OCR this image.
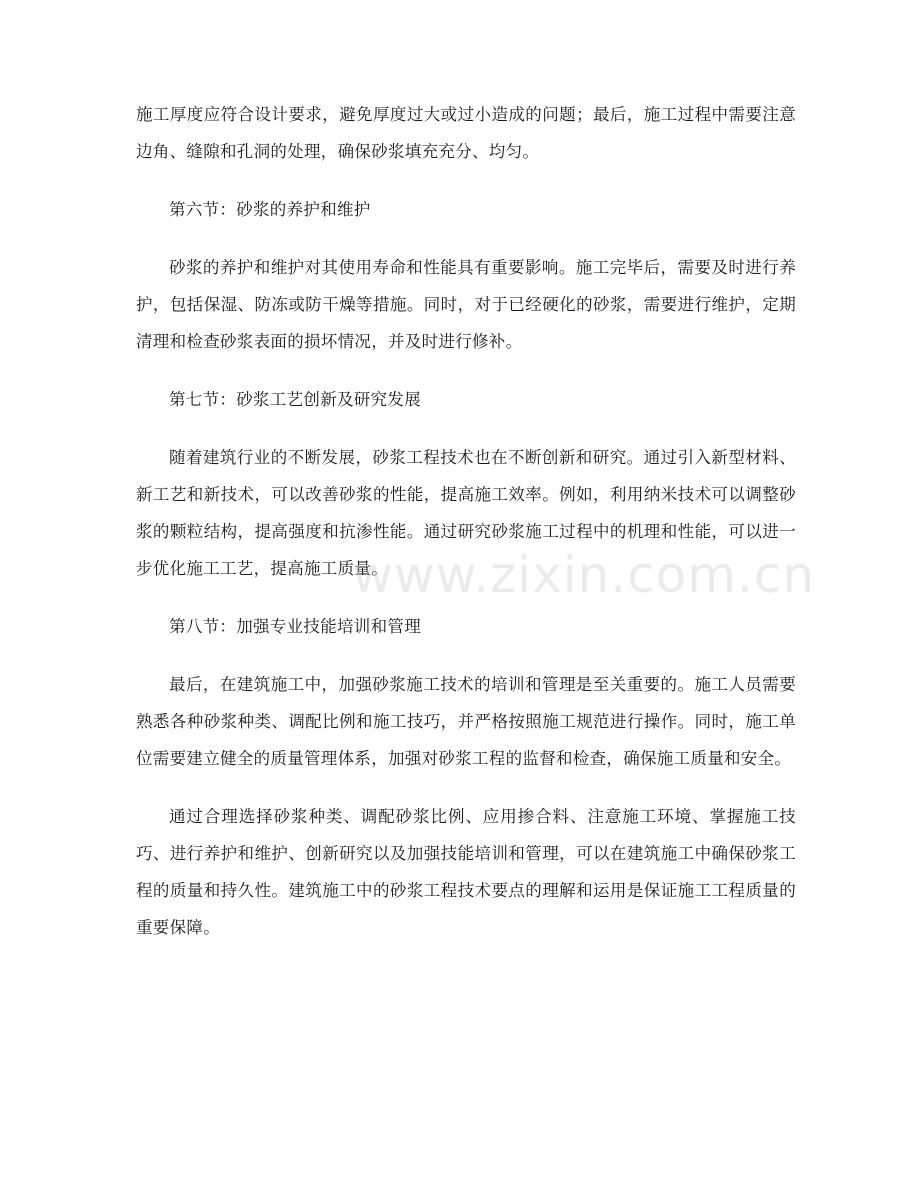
施工厚度应符合设计要求，避免厚度过大或过小造成的问题；最后，施工过程中需要注意边角、缝隙和孔洞的处理，确保砂浆填充充分、均匀。

第六节：砂浆的养护和维护

砂浆的养护和维护对其使用寿命和性能具有重要影响。施工完毕后，需要及时进行养护，包括保湿、防冻或防干燥等措施。同时，对于已经硬化的砂浆，需要进行维护，定期清理和检查砂浆表面的损坏情况，并及时进行修补。

第七节：砂浆工艺创新及研究发展

随着建筑行业的不断发展，砂浆工程技术也在不断创新和研究。通过引入新型材料、新工艺和新技术，可以改善砂浆的性能，提高施工效率。例如，利用纳米技术可以调整砂浆的颗粒结构，提高强度和抗渗性能。通过研究砂浆施工过程中的机理和性能，可以进一步优化施工工艺，提高施工质量。

第八节：加强专业技能培训和管理

最后，在建筑施工中，加强砂浆施工技术的培训和管理是至关重要的。施工人员需要熟悉各种砂浆种类、调配比例和施工技巧，并严格按照施工规范进行操作。同时，施工单位需要建立健全的质量管理体系，加强对砂浆工程的监督和检查，确保施工质量和安全。

通过合理选择砂浆种类、调配砂浆比例、应用掺合料、注意施工环境、掌握施工技巧、进行养护和维护、创新研究以及加强技能培训和管理，可以在建筑施工中确保砂浆工程的质量和持久性。建筑施工中的砂浆工程技术要点的理解和运用是保证施工工程质量的重要保障。

www.zixin.com.cn
